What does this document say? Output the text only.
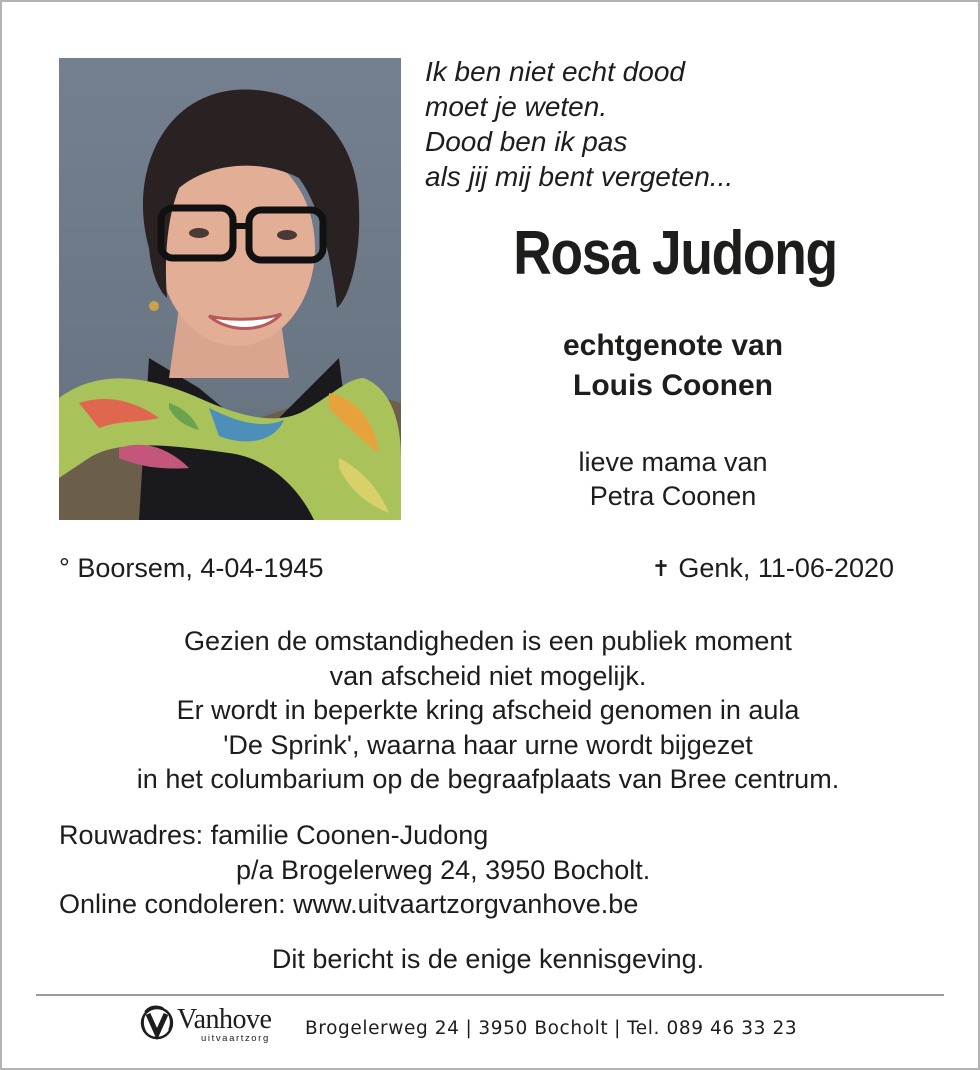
Ik ben niet echt dood
moet je weten.
Dood ben ik pas
als jij mij bent vergeten...
Rosa Judong
echtgenote van
Louis Coonen
lieve mama van
Petra Coonen
° Boorsem, 4-04-1945	✝ Genk, 11-06-2020
Gezien de omstandigheden is een publiek moment
van afscheid niet mogelijk.
Er wordt in beperkte kring afscheid genomen in aula
'De Sprink', waarna haar urne wordt bijgezet
in het columbarium op de begraafplaats van Bree centrum.
Rouwadres: familie Coonen-Judong
p/a Brogelerweg 24, 3950 Bocholt.
Online condoleren: www.uitvaartzorgvanhove.be
Dit bericht is de enige kennisgeving.
Vanhove
uitvaartzorg Brogelerweg 24 | 3950 Bocholt | Tel. 089 46 33 23
